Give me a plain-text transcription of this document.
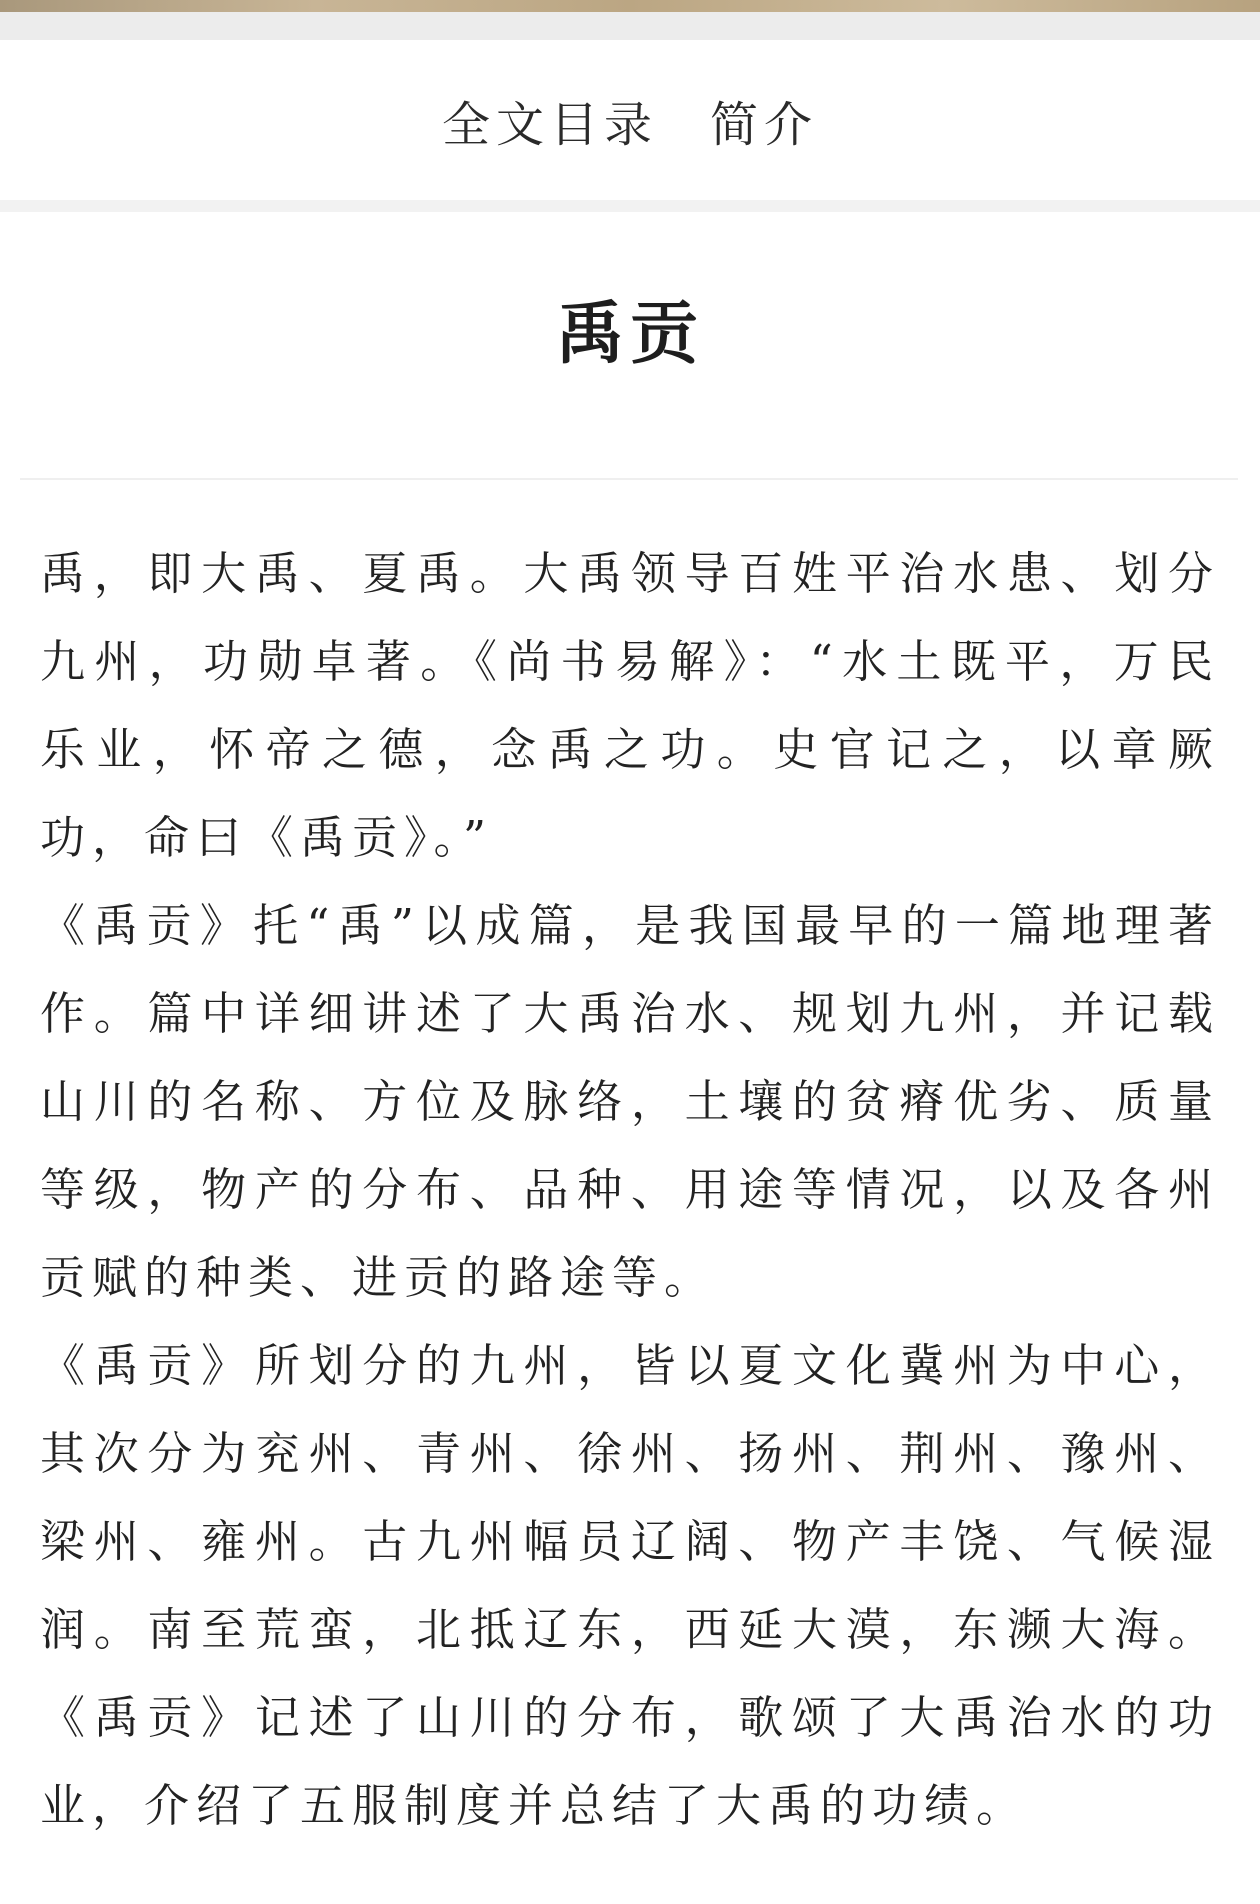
全文目录 简介
禹贡

禹，即大禹、夏禹。大禹领导百姓平治水患、划分九州，功勋卓著。《尚书易解》：“水土既平，万民乐业，怀帝之德，念禹之功。史官记之，以章厥功，命曰《禹贡》。”

《禹贡》托“禹”以成篇，是我国最早的一篇地理著作。篇中详细讲述了大禹治水、规划九州，并记载山川的名称、方位及脉络，土壤的贫瘠优劣、质量等级，物产的分布、品种、用途等情况，以及各州贡赋的种类、进贡的路途等。

《禹贡》所划分的九州，皆以夏文化冀州为中心，其次分为兖州、青州、徐州、扬州、荆州、豫州、梁州、雍州。古九州幅员辽阔、物产丰饶、气候湿润。南至荒蛮，北抵辽东，西延大漠，东濒大海。《禹贡》记述了山川的分布，歌颂了大禹治水的功业，介绍了五服制度并总结了大禹的功绩。
